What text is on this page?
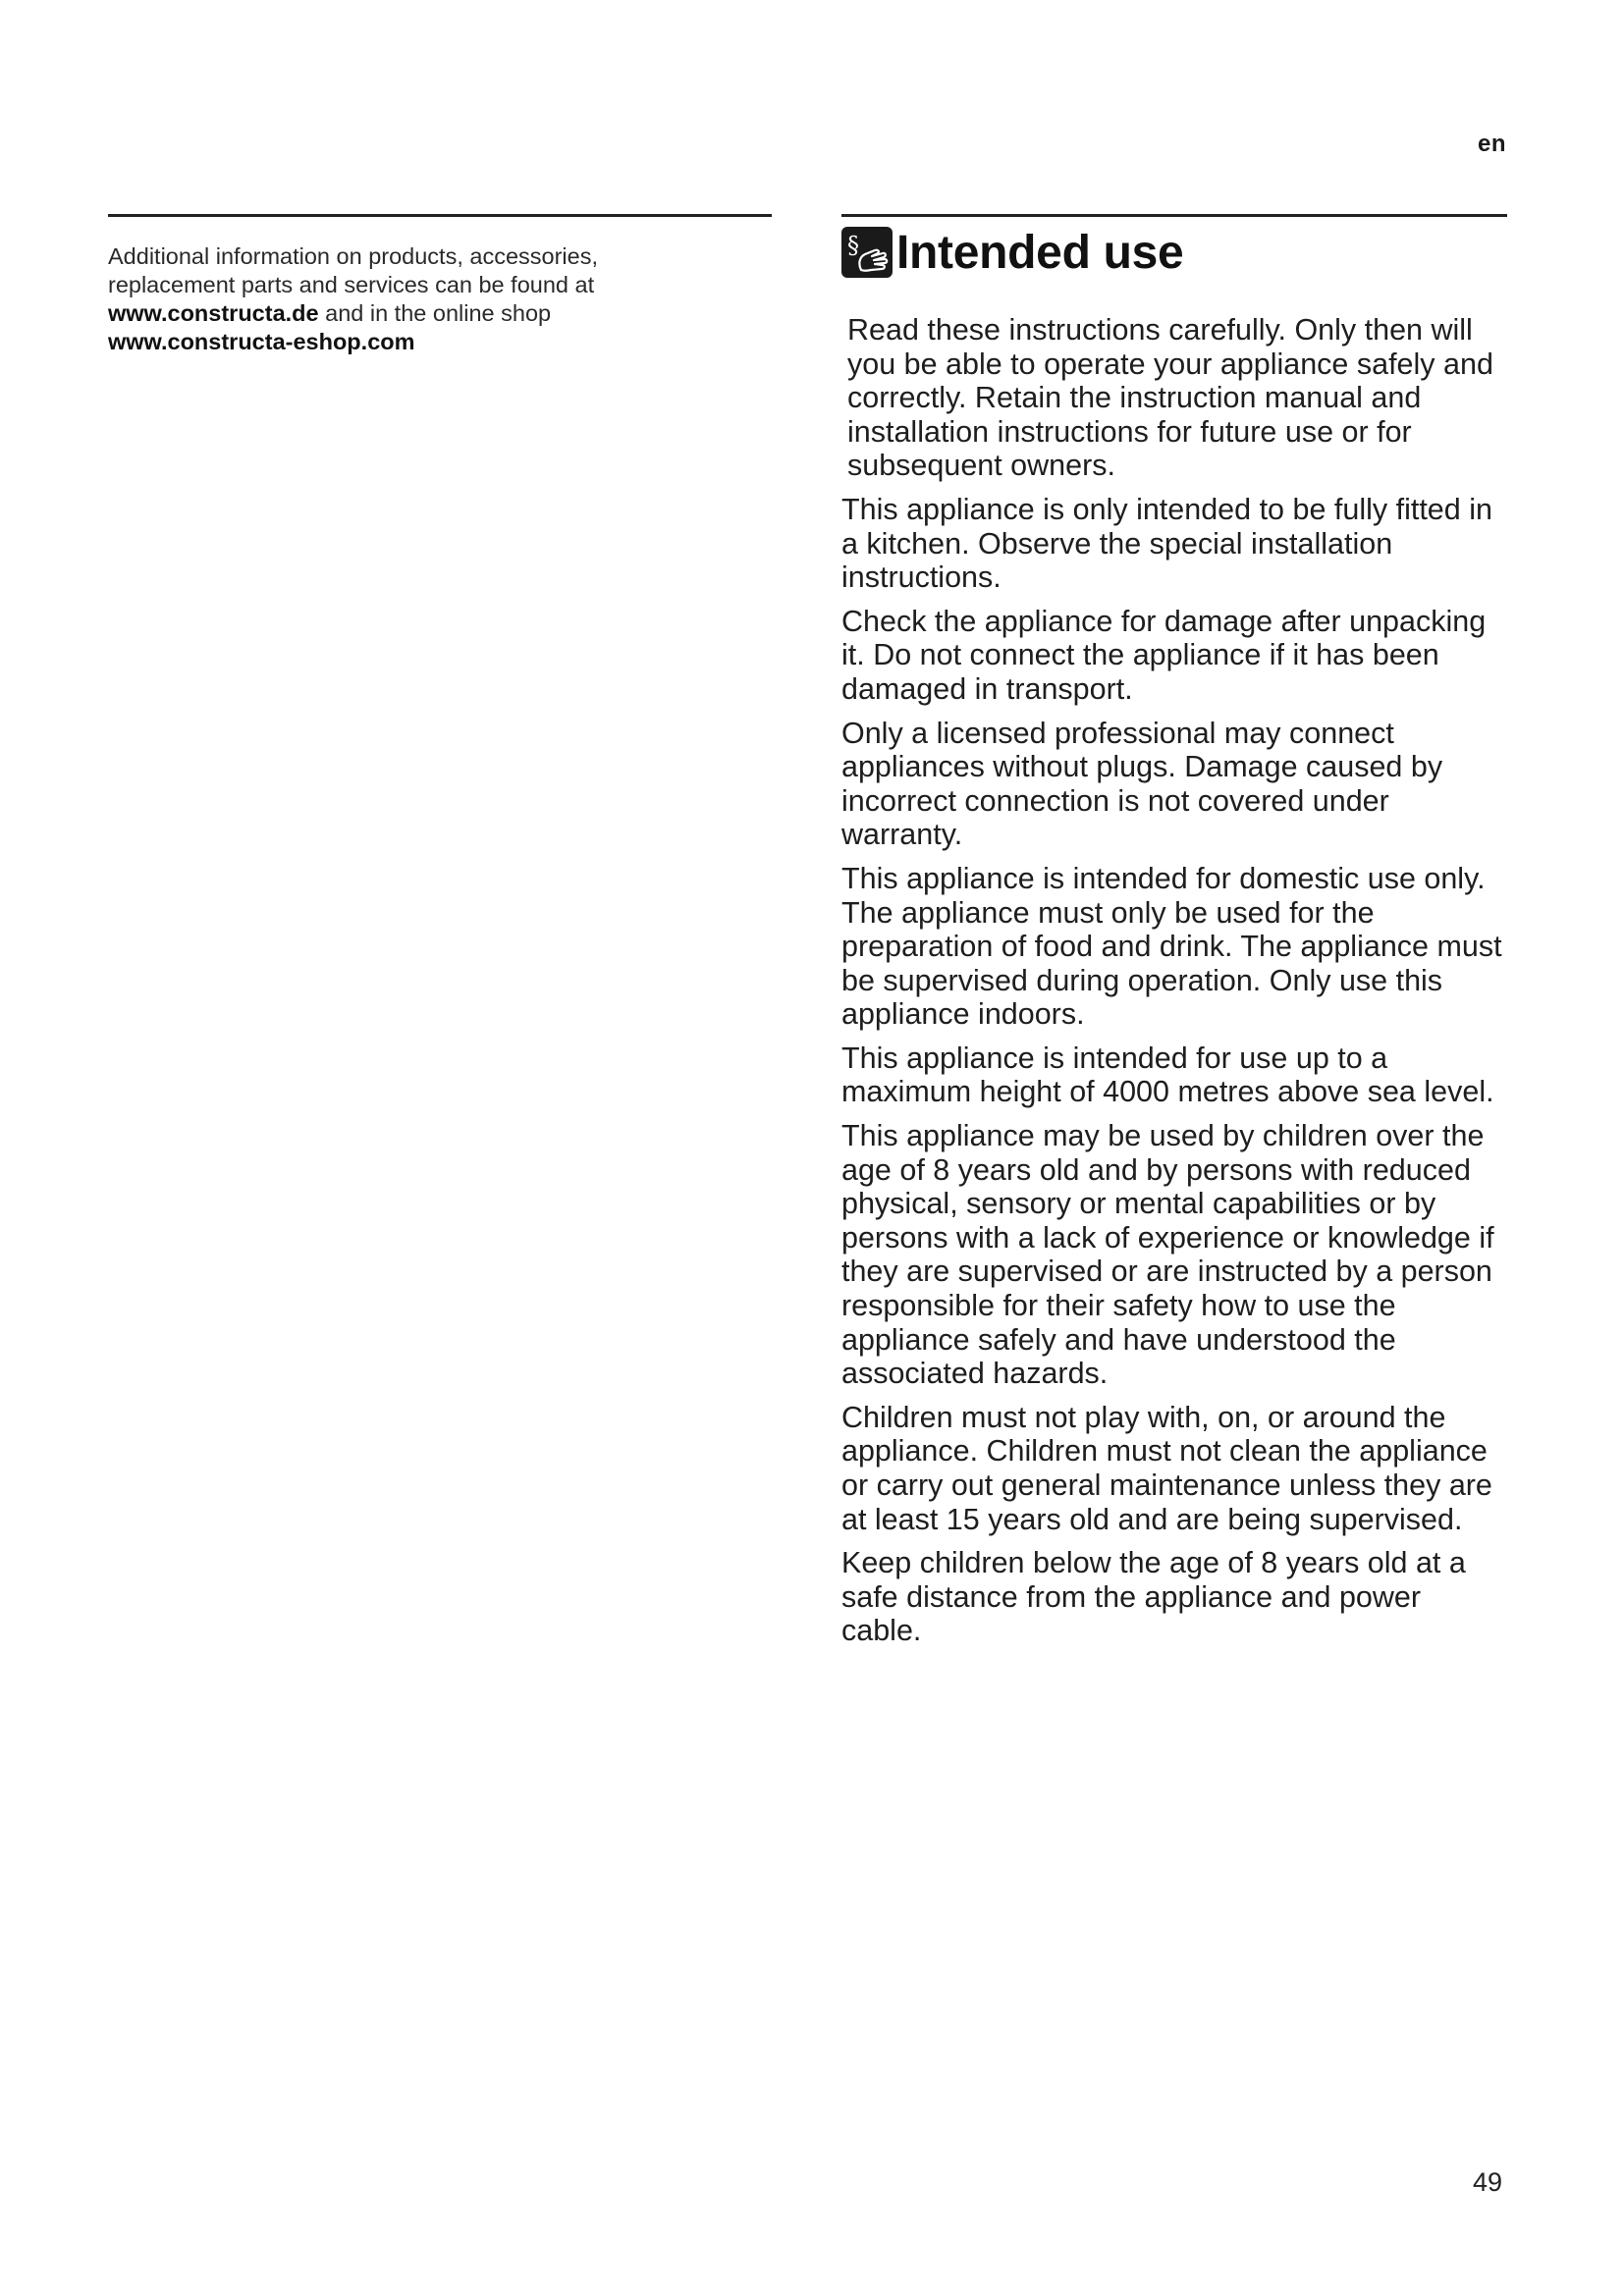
en
Additional information on products, accessories,
replacement parts and services can be found at
www.constructa.de and in the online shop
www.constructa-eshop.com
§ Intended use

Read these instructions carefully. Only then will you be able to operate your appliance safely and correctly. Retain the instruction manual and installation instructions for future use or for subsequent owners.

This appliance is only intended to be fully fitted in a kitchen. Observe the special installation instructions.

Check the appliance for damage after unpacking it. Do not connect the appliance if it has been damaged in transport.

Only a licensed professional may connect appliances without plugs. Damage caused by incorrect connection is not covered under warranty.

This appliance is intended for domestic use only. The appliance must only be used for the preparation of food and drink. The appliance must be supervised during operation. Only use this appliance indoors.

This appliance is intended for use up to a maximum height of 4000 metres above sea level.

This appliance may be used by children over the age of 8 years old and by persons with reduced physical, sensory or mental capabilities or by persons with a lack of experience or knowledge if they are supervised or are instructed by a person responsible for their safety how to use the appliance safely and have understood the associated hazards.

Children must not play with, on, or around the appliance. Children must not clean the appliance or carry out general maintenance unless they are at least 15 years old and are being supervised.

Keep children below the age of 8 years old at a safe distance from the appliance and power cable.

49
